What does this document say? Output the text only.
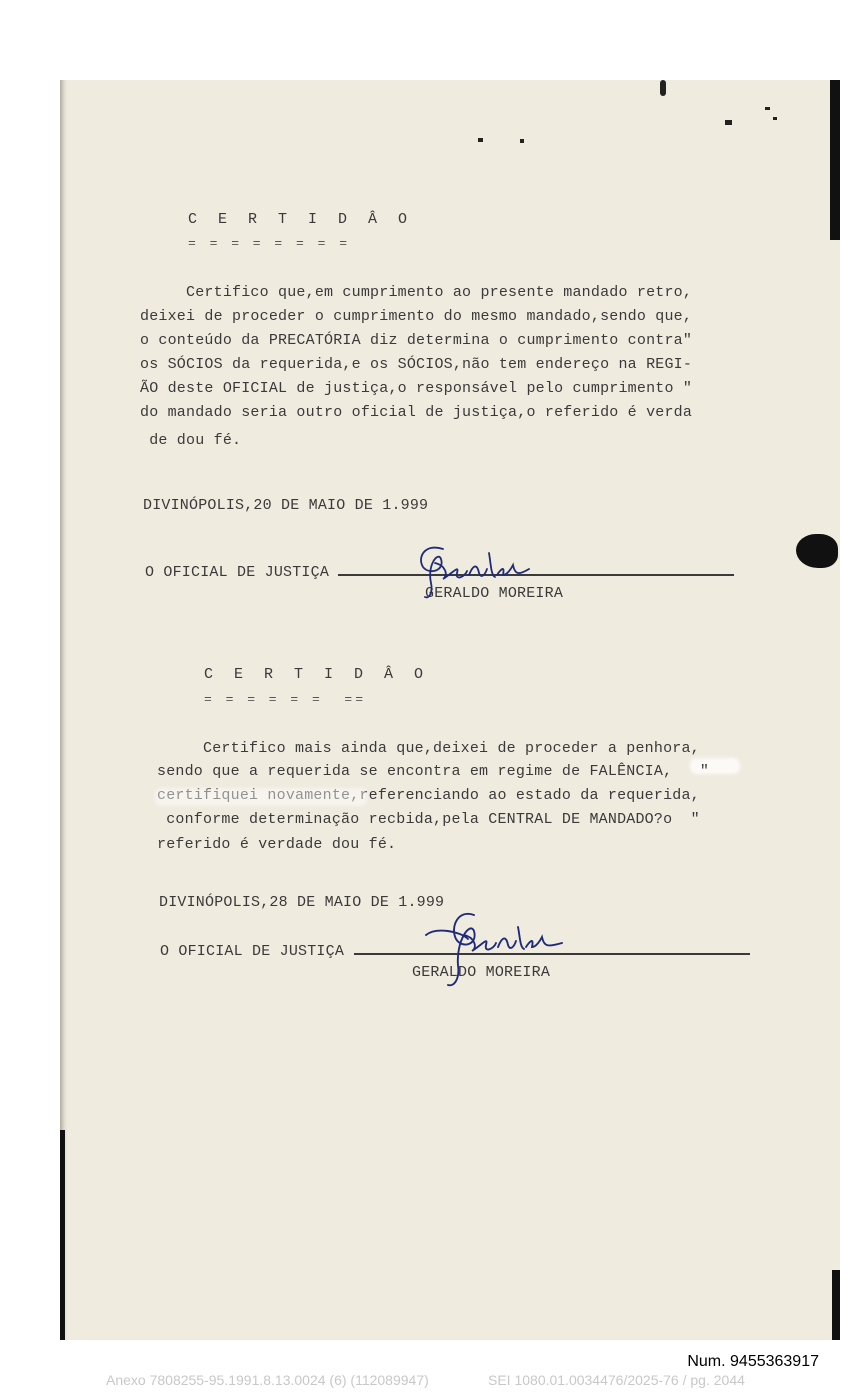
C E R T I D Â O
= = = = = = = =
Certifico que,em cumprimento ao presente mandado retro,
deixei de proceder o cumprimento do mesmo mandado,sendo que,
o conteúdo da PRECATÓRIA diz determina o cumprimento contra"
os SÓCIOS da requerida,e os SÓCIOS,não tem endereço na REGI-
ÃO deste OFICIAL de justiça,o responsável pelo cumprimento "
do mandado seria outro oficial de justiça,o referido é verda
de dou fé.
DIVINÓPOLIS,20 DE MAIO DE 1.999
O OFICIAL DE JUSTIÇA
GERALDO MOREIRA
C E R T I D Â O
= = = = = =  ==
Certifico mais ainda que,deixei de proceder a penhora,
sendo que a requerida se encontra em regime de FALÊNCIA,   "
certifiquei novamente,referenciando ao estado da requerida,
conforme determinação recbida,pela CENTRAL DE MANDADO?o  "
referido é verdade dou fé.
DIVINÓPOLIS,28 DE MAIO DE 1.999
O OFICIAL DE JUSTIÇA
GERALDO MOREIRA
Num. 9455363917
Anexo 7808255-95.1991.8.13.0024 (6) (112089947)	SEI 1080.01.0034476/2025-76 / pg. 2044
